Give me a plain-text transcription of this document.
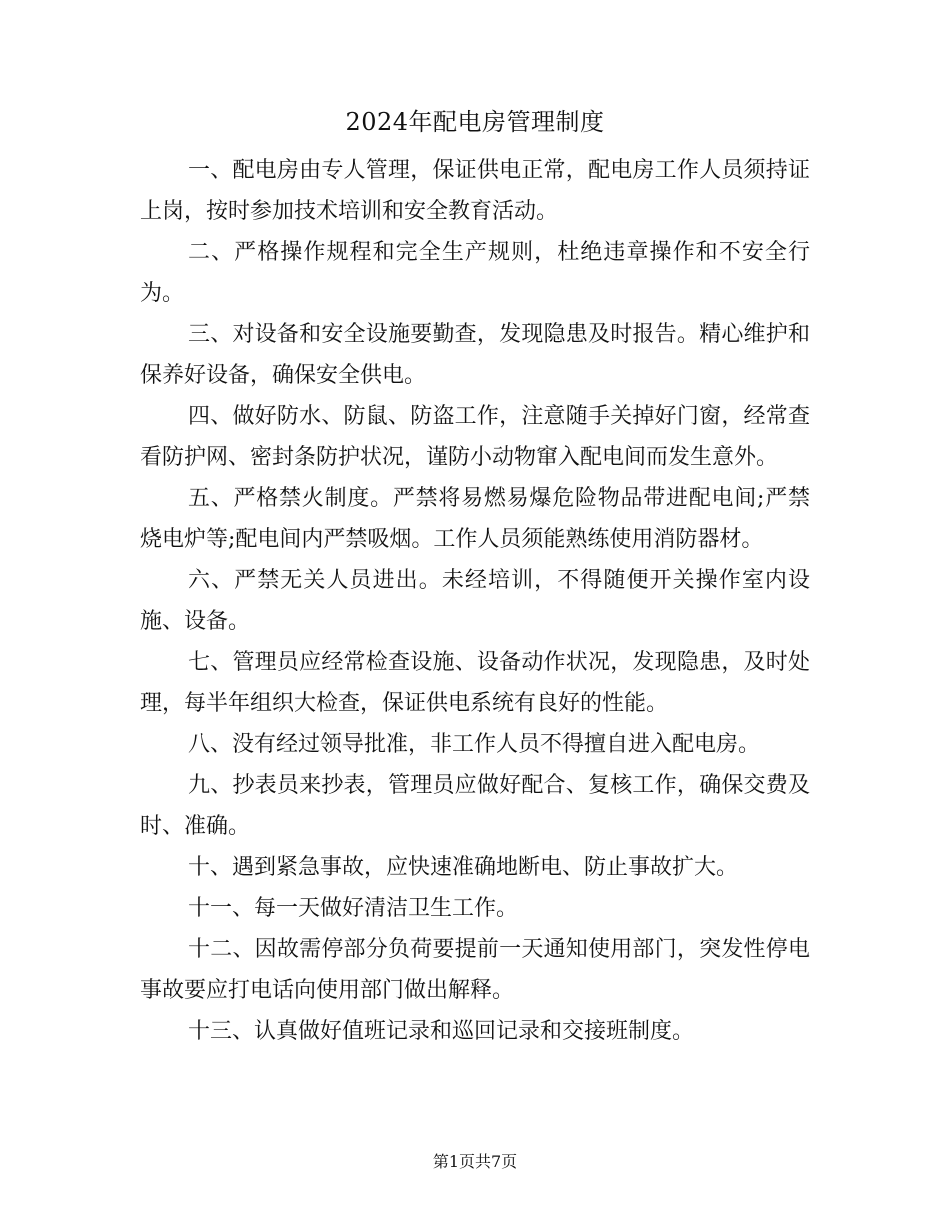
2024年配电房管理制度

一、配电房由专人管理，保证供电正常，配电房工作人员须持证上岗，按时参加技术培训和安全教育活动。

二、严格操作规程和完全生产规则，杜绝违章操作和不安全行为。

三、对设备和安全设施要勤查，发现隐患及时报告。精心维护和保养好设备，确保安全供电。

四、做好防水、防鼠、防盗工作，注意随手关掉好门窗，经常查看防护网、密封条防护状况，谨防小动物窜入配电间而发生意外。

五、严格禁火制度。严禁将易燃易爆危险物品带进配电间;严禁烧电炉等;配电间内严禁吸烟。工作人员须能熟练使用消防器材。

六、严禁无关人员进出。未经培训，不得随便开关操作室内设施、设备。

七、管理员应经常检查设施、设备动作状况，发现隐患，及时处理，每半年组织大检查，保证供电系统有良好的性能。

八、没有经过领导批准，非工作人员不得擅自进入配电房。

九、抄表员来抄表，管理员应做好配合、复核工作，确保交费及时、准确。

十、遇到紧急事故，应快速准确地断电、防止事故扩大。

十一、每一天做好清洁卫生工作。

十二、因故需停部分负荷要提前一天通知使用部门，突发性停电事故要应打电话向使用部门做出解释。

十三、认真做好值班记录和巡回记录和交接班制度。

第1页共7页
